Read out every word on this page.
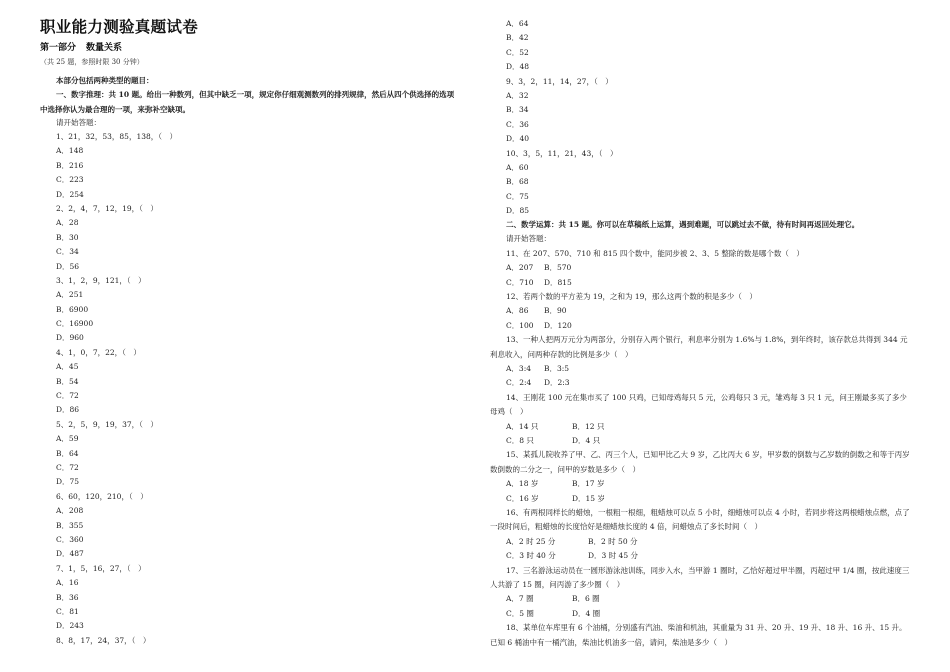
职业能力测验真题试卷

第一部分 数量关系

（共 25 题，参照时限 30 分钟）
本部分包括两种类型的题目：
一、数字推理：共 10 题。给出一种数列，但其中缺乏一项，规定你仔细观测数列的排列规律，然后从四个供选择的选项中选择你认为最合理的一项，来弥补空缺项。
请开始答题：
1、21，32，53，85，138，（　）
A．148
B．216
C．223
D．254
2、2，4，7，12，19，（　）
A．28
B．30
C．34
D．56
3、1，2，9，121，（　）
A．251
B．6900
C．16900
D．960
4、1，0，7，22，（　）
A．45
B．54
C．72
D．86
5、2，5，9，19，37，（　）
A．59
B．64
C．72
D．75
6、60，120，210，（　）
A．208
B．355
C．360
D．487
7、1，5，16，27，（　）
A．16
B．36
C．81
D．243
8、8，17，24，37，（　）
A．64
B．42
C．52
D．48
9、3，2，11，14，27，（　）
A．32
B．34
C．36
D．40
10、3，5，11，21，43，（　）
A．60
B．68
C．75
D．85
二、数学运算：共 15 题。你可以在草稿纸上运算，遇到难题，可以跳过去不做，待有时间再返回处理它。
请开始答题：
11、在 207、570、710 和 815 四个数中，能同步被 2、3、5 整除的数是哪个数（　）
A．207 B．570
C．710 D．815
12、若两个数的平方差为 19，之和为 19，那么这两个数的积是多少（　）
A．86 B．90
C．100 D．120
13、一种人把两万元分为两部分，分别存入两个银行，利息率分别为 1.6%与 1.8%，到年终时，该存款总共得到 344 元利息收入，问两种存款的比例是多少（　）
A．3:4 B．3:5
C．2:4 D．2:3
14、王刚花 100 元在集市买了 100 只鸡，已知母鸡每只 5 元，公鸡每只 3 元，雏鸡每 3 只 1 元，问王刚最多买了多少母鸡（　）
A．14 只	B．12 只
C．8 只	D．4 只
15、某孤儿院收养了甲、乙、丙三个人，已知甲比乙大 9 岁，乙比丙大 6 岁，甲岁数的倒数与乙岁数的倒数之和等于丙岁数倒数的二分之一，问甲的岁数是多少（　）
A．18 岁	B．17 岁
C．16 岁	D．15 岁
16、有两根同样长的蜡烛，一根粗一根细，粗蜡烛可以点 5 小时，细蜡烛可以点 4 小时，若同步将这两根蜡烛点燃，点了一段时间后，粗蜡烛的长度恰好是细蜡烛长度的 4 倍，问蜡烛点了多长时间（　）
A．2 时 25 分	B．2 时 50 分
C．3 时 40 分	D．3 时 45 分
17、三名游泳运动员在一圆形游泳池训练，同步入水，当甲游 1 圈时，乙恰好超过甲半圈，丙超过甲 1/4 圈，按此速度三人共游了 15 圈，问丙游了多少圈（　）
A．7 圈	B．6 圈
C．5 圈	D．4 圈
18、某单位车库里有 6 个油桶，分别盛有汽油、柴油和机油，其重量为 31 升、20 升、19 升、18 升、16 升、15 升。已知 6 桶油中有一桶汽油，柴油比机油多一倍，请问，柴油是多少（　）
